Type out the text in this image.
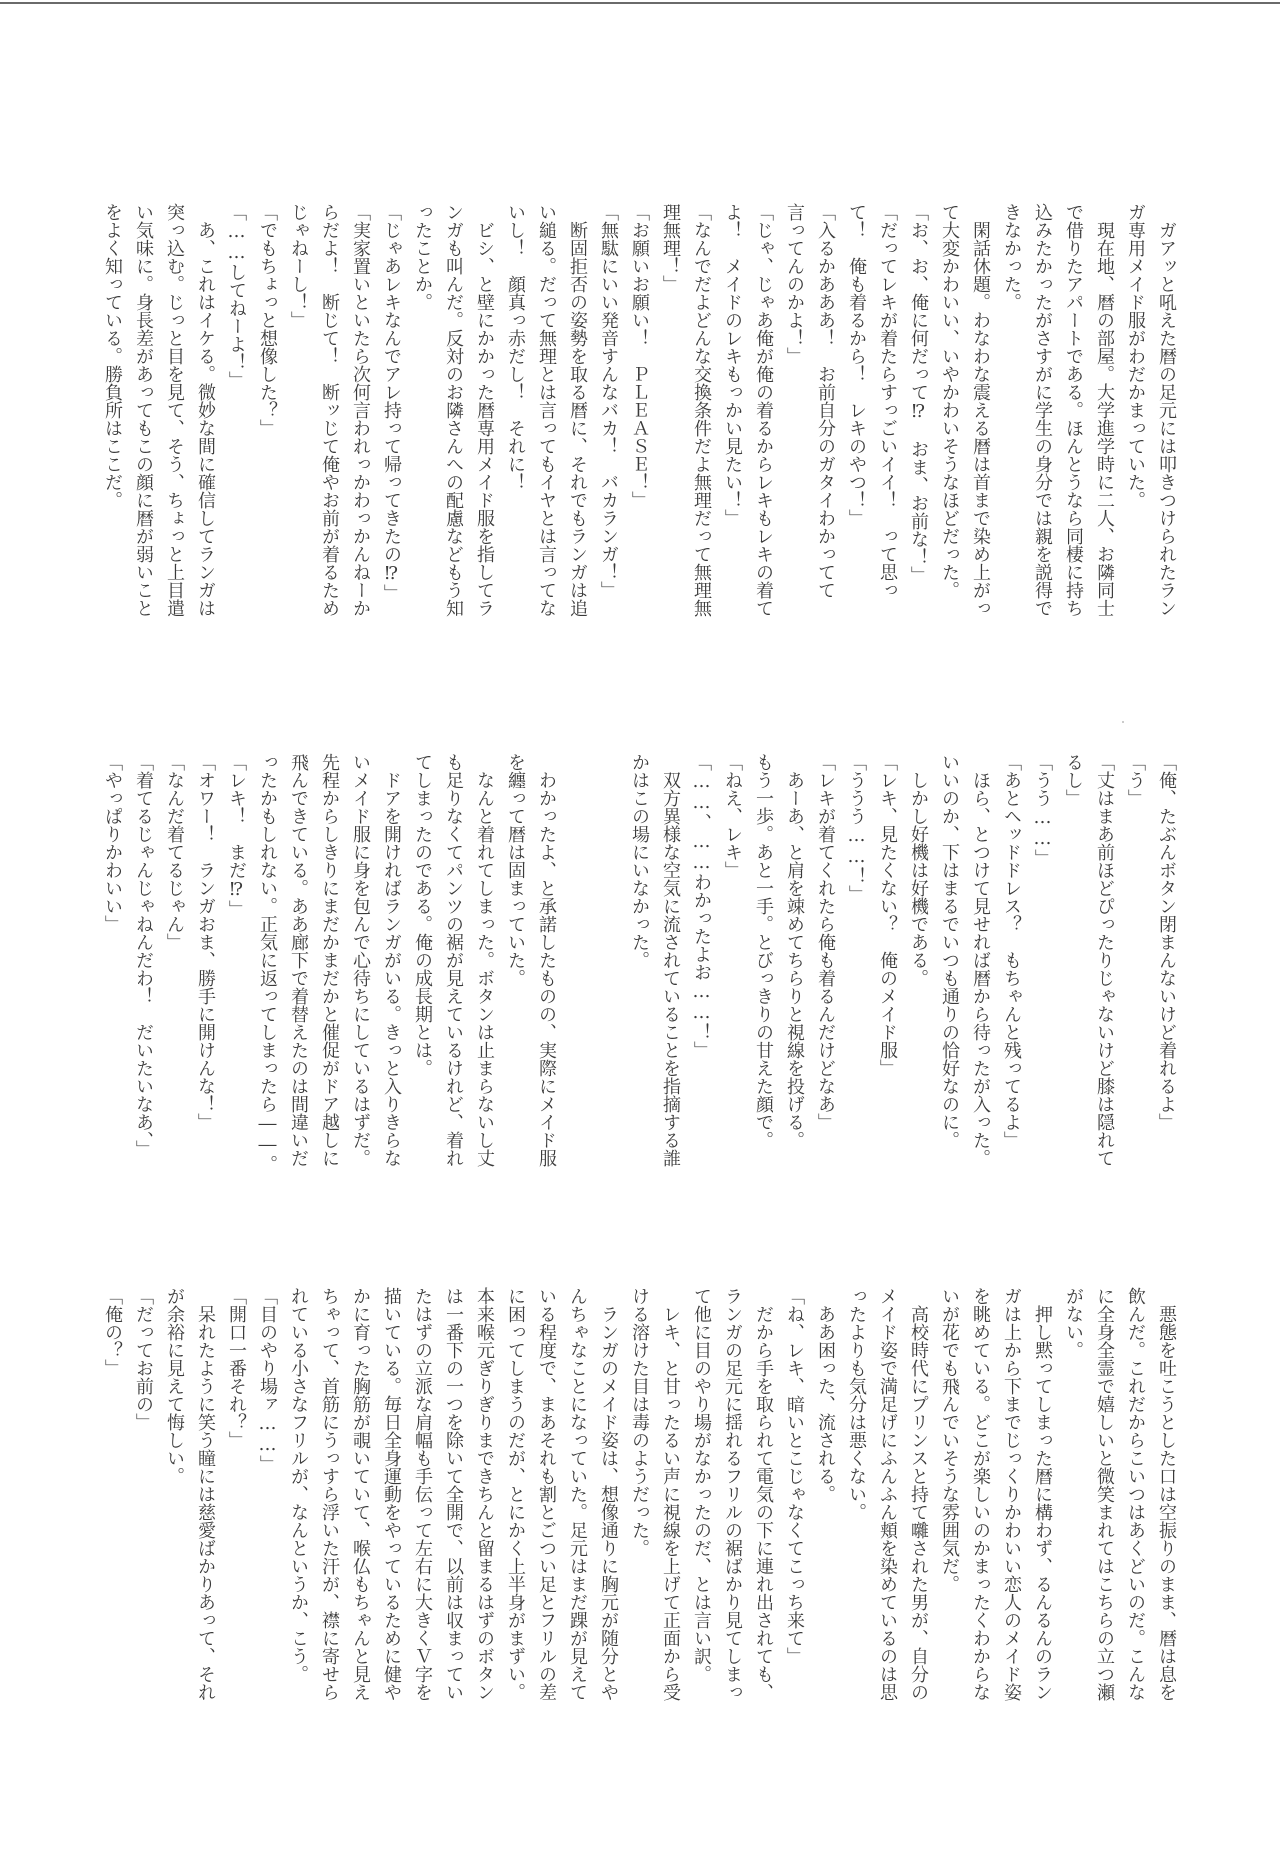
　ガアッと吼えた暦の足元には叩きつけられたラン
ガ専用メイド服がわだかまっていた。
　現在地、暦の部屋。大学進学時に二人、お隣同士
で借りたアパートである。ほんとうなら同棲に持ち
込みたかったがさすがに学生の身分では親を説得で
きなかった。
　閑話休題。わなわな震える暦は首まで染め上がっ
て大変かわいい、いやかわいそうなほどだった。
「お、お、俺に何だって⁉　おま、お前な！」
「だってレキが着たらすっごいイイ！　って思っ
て！　俺も着るから！　レキのやつ！」
「入るかあああ！　お前自分のガタイわかってて
言ってんのかよ！」
「じゃ、じゃあ俺が俺の着るからレキもレキの着て
よ！　メイドのレキもっかい見たい！」
「なんでだよどんな交換条件だよ無理だって無理無
理無理！」
「お願いお願い！　ＰＬＥＡＳＥ！」
「無駄にいい発音すんなバカ！　バカランガ！」
　断固拒否の姿勢を取る暦に、それでもランガは追
い縋る。だって無理とは言ってもイヤとは言ってな
いし！　顔真っ赤だし！　それに！
　ビシ、と壁にかかった暦専用メイド服を指してラ
ンガも叫んだ。反対のお隣さんへの配慮などもう知
ったことか。
「じゃあレキなんでアレ持って帰ってきたの⁉」
「実家置いといたら次何言われっかわっかんねーか
らだよ！　断じて！　断ッじて俺やお前が着るため
じゃねーし！」
「でもちょっと想像した？」
「……してねーよ！」
　あ、これはイケる。微妙な間に確信してランガは
突っ込む。じっと目を見て、そう、ちょっと上目遣
い気味に。身長差があってもこの顔に暦が弱いこと
をよく知っている。勝負所はここだ。
「俺、たぶんボタン閉まんないけど着れるよ」
「う」
「丈はまあ前ほどぴったりじゃないけど膝は隠れて
るし」
「うう……」
「あとヘッドドレス？　もちゃんと残ってるよ」
　ほら、とつけて見せれば暦から待ったが入った。
いいのか、下はまるでいつも通りの恰好なのに。
　しかし好機は好機である。
「レキ、見たくない？　俺のメイド服」
「ううう……！」
「レキが着てくれたら俺も着るんだけどなあ」
　あーあ、と肩を竦めてちらりと視線を投げる。
もう一歩。あと一手。とびっきりの甘えた顔で。
「ねえ、レキ」
「……、……わかったよお……！」
　双方異様な空気に流されていることを指摘する誰
かはこの場にいなかった。
　わかったよ、と承諾したものの、実際にメイド服
を纏って暦は固まっていた。
　なんと着れてしまった。ボタンは止まらないし丈
も足りなくてパンツの裾が見えているけれど、着れ
てしまったのである。俺の成長期とは。
　ドアを開ければランガがいる。きっと入りきらな
いメイド服に身を包んで心待ちにしているはずだ。
先程からしきりにまだかまだかと催促がドア越しに
飛んできている。ああ廊下で着替えたのは間違いだ
ったかもしれない。正気に返ってしまったら――。
「レキ！　まだ⁉」
「オワー！　ランガおま、勝手に開けんな！」
「なんだ着てるじゃん」
「着てるじゃんじゃねんだわ！　だいたいなあ、」
「やっぱりかわいい」
　悪態を吐こうとした口は空振りのまま、暦は息を
飲んだ。これだからこいつはあくどいのだ。こんな
に全身全霊で嬉しいと微笑まれてはこちらの立つ瀬
がない。
　押し黙ってしまった暦に構わず、るんるんのラン
ガは上から下までじっくりかわいい恋人のメイド姿
を眺めている。どこが楽しいのかまったくわからな
いが花でも飛んでいそうな雰囲気だ。
　高校時代にプリンスと持て囃された男が、自分の
メイド姿で満足げにふんふん頬を染めているのは思
ったよりも気分は悪くない。
　ああ困った、流される。
「ね、レキ、暗いとこじゃなくてこっち来て」
　だから手を取られて電気の下に連れ出されても、
ランガの足元に揺れるフリルの裾ばかり見てしまっ
て他に目のやり場がなかったのだ、とは言い訳。
　レキ、と甘ったるい声に視線を上げて正面から受
ける溶けた目は毒のようだった。
　ランガのメイド姿は、想像通りに胸元が随分とや
んちゃなことになっていた。足元はまだ踝が見えて
いる程度で、まあそれも割とごつい足とフリルの差
に困ってしまうのだが、とにかく上半身がまずい。
本来喉元ぎりぎりまできちんと留まるはずのボタン
は一番下の一つを除いて全開で、以前は収まってい
たはずの立派な肩幅も手伝って左右に大きくＶ字を
描いている。毎日全身運動をやっているために健や
かに育った胸筋が覗いていて、喉仏もちゃんと見え
ちゃって、首筋にうっすら浮いた汗が、襟に寄せら
れている小さなフリルが、なんというか、こう。
「目のやり場ァ……」
「開口一番それ？」
　呆れたように笑う瞳には慈愛ばかりあって、それ
が余裕に見えて悔しい。
「だってお前の」
「俺の？」
